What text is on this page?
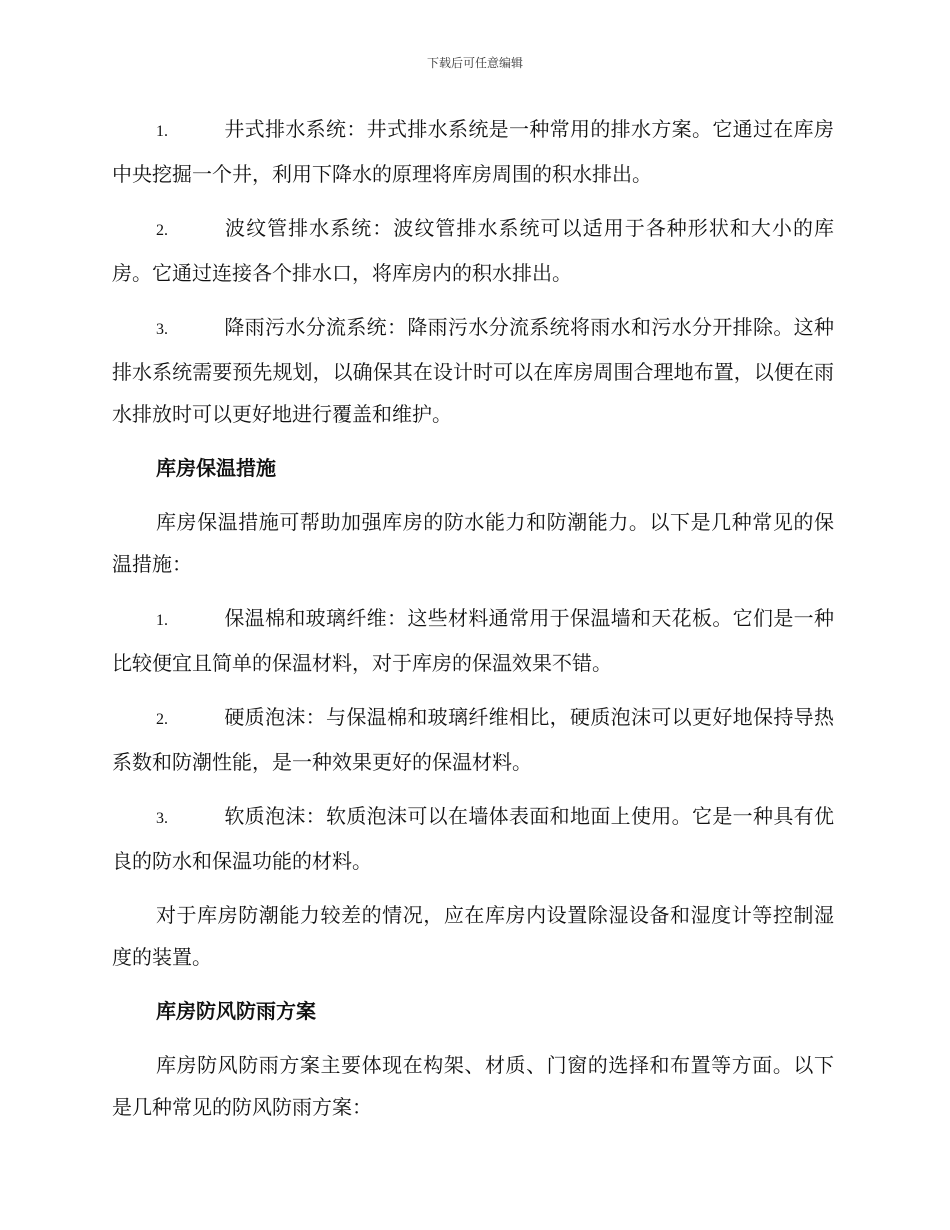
下载后可任意编辑

1.	井式排水系统：井式排水系统是一种常用的排水方案。它通过在库房中央挖掘一个井，利用下降水的原理将库房周围的积水排出。

2.	波纹管排水系统：波纹管排水系统可以适用于各种形状和大小的库房。它通过连接各个排水口，将库房内的积水排出。

3.	降雨污水分流系统：降雨污水分流系统将雨水和污水分开排除。这种排水系统需要预先规划，以确保其在设计时可以在库房周围合理地布置，以便在雨水排放时可以更好地进行覆盖和维护。

库房保温措施

库房保温措施可帮助加强库房的防水能力和防潮能力。以下是几种常见的保温措施：

1.	保温棉和玻璃纤维：这些材料通常用于保温墙和天花板。它们是一种比较便宜且简单的保温材料，对于库房的保温效果不错。

2.	硬质泡沫：与保温棉和玻璃纤维相比，硬质泡沫可以更好地保持导热系数和防潮性能，是一种效果更好的保温材料。

3.	软质泡沫：软质泡沫可以在墙体表面和地面上使用。它是一种具有优良的防水和保温功能的材料。

对于库房防潮能力较差的情况，应在库房内设置除湿设备和湿度计等控制湿度的装置。

库房防风防雨方案

库房防风防雨方案主要体现在构架、材质、门窗的选择和布置等方面。以下是几种常见的防风防雨方案：
